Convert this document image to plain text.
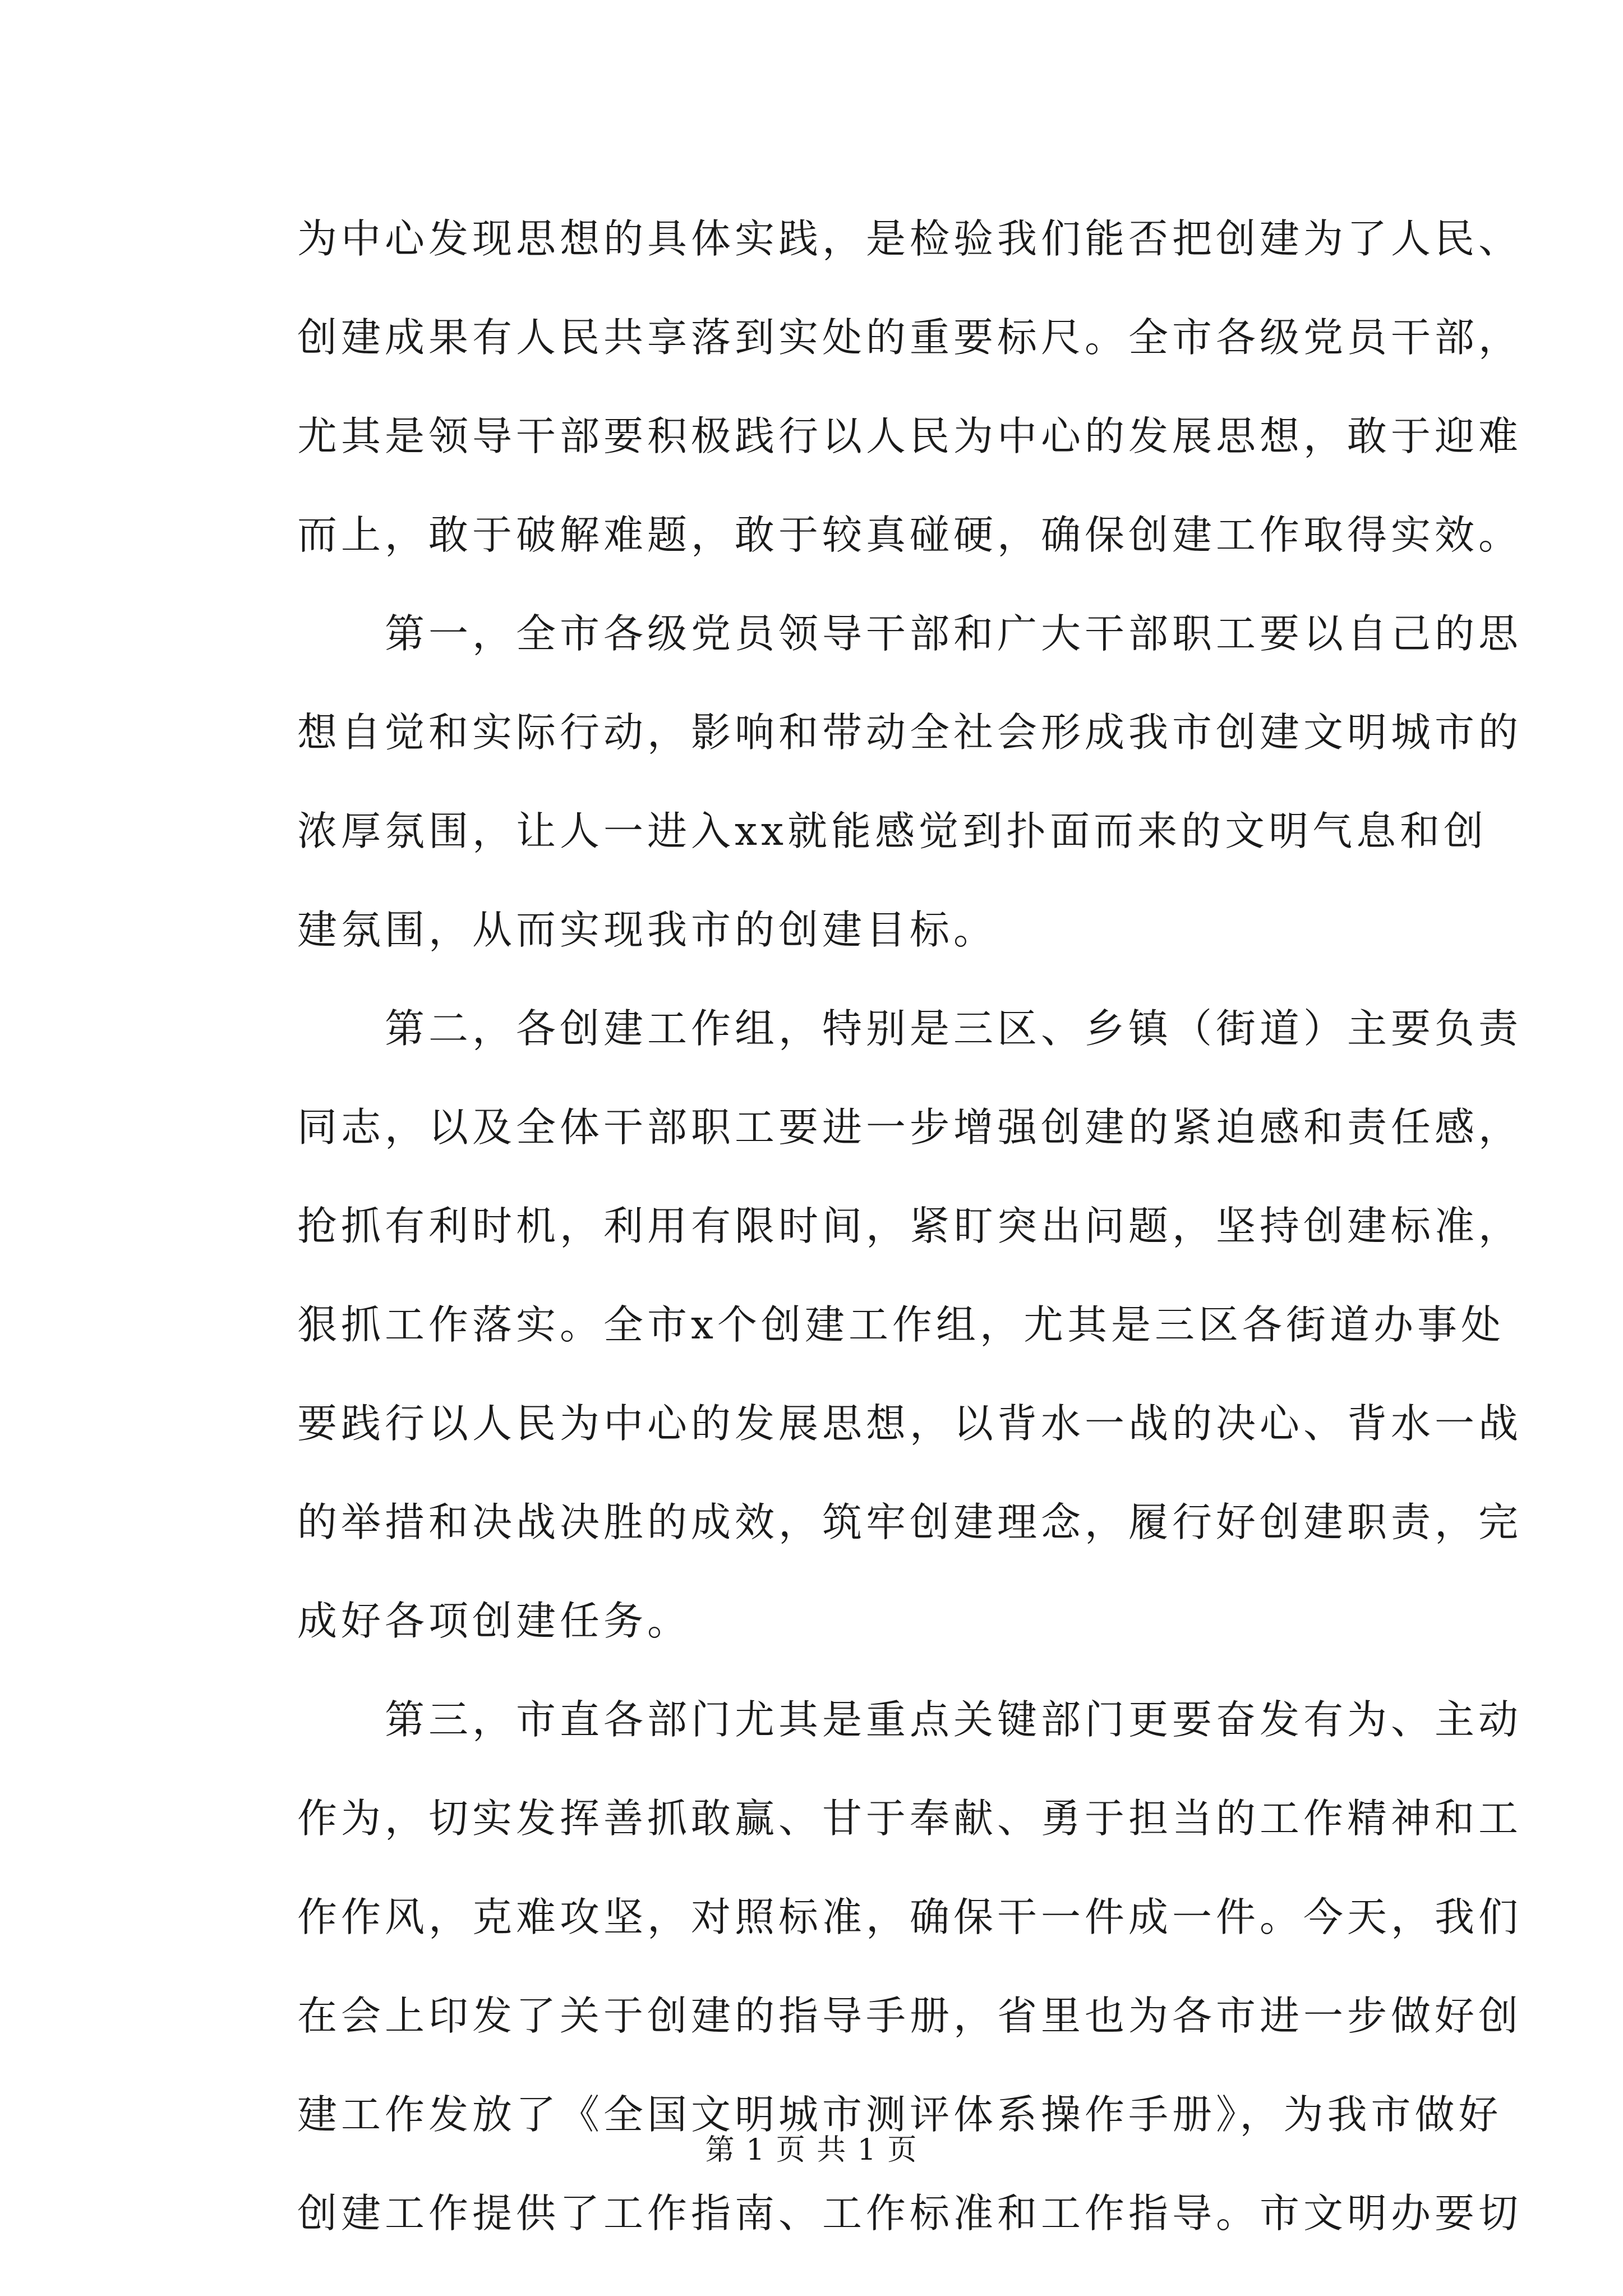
为中心发现思想的具体实践，是检验我们能否把创建为了人民、
创建成果有人民共享落到实处的重要标尺。全市各级党员干部，
尤其是领导干部要积极践行以人民为中心的发展思想，敢于迎难
而上，敢于破解难题，敢于较真碰硬，确保创建工作取得实效。
　　第一，全市各级党员领导干部和广大干部职工要以自己的思
想自觉和实际行动，影响和带动全社会形成我市创建文明城市的
浓厚氛围，让人一进入xx就能感觉到扑面而来的文明气息和创
建氛围，从而实现我市的创建目标。
　　第二，各创建工作组，特别是三区、乡镇（街道）主要负责
同志，以及全体干部职工要进一步增强创建的紧迫感和责任感，
抢抓有利时机，利用有限时间，紧盯突出问题，坚持创建标准，
狠抓工作落实。全市x个创建工作组，尤其是三区各街道办事处
要践行以人民为中心的发展思想，以背水一战的决心、背水一战
的举措和决战决胜的成效，筑牢创建理念，履行好创建职责，完
成好各项创建任务。
　　第三，市直各部门尤其是重点关键部门更要奋发有为、主动
作为，切实发挥善抓敢赢、甘于奉献、勇于担当的工作精神和工
作作风，克难攻坚，对照标准，确保干一件成一件。今天，我们
在会上印发了关于创建的指导手册，省里也为各市进一步做好创
建工作发放了《全国文明城市测评体系操作手册》，为我市做好
创建工作提供了工作指南、工作标准和工作指导。市文明办要切
第 1 页 共 1 页
